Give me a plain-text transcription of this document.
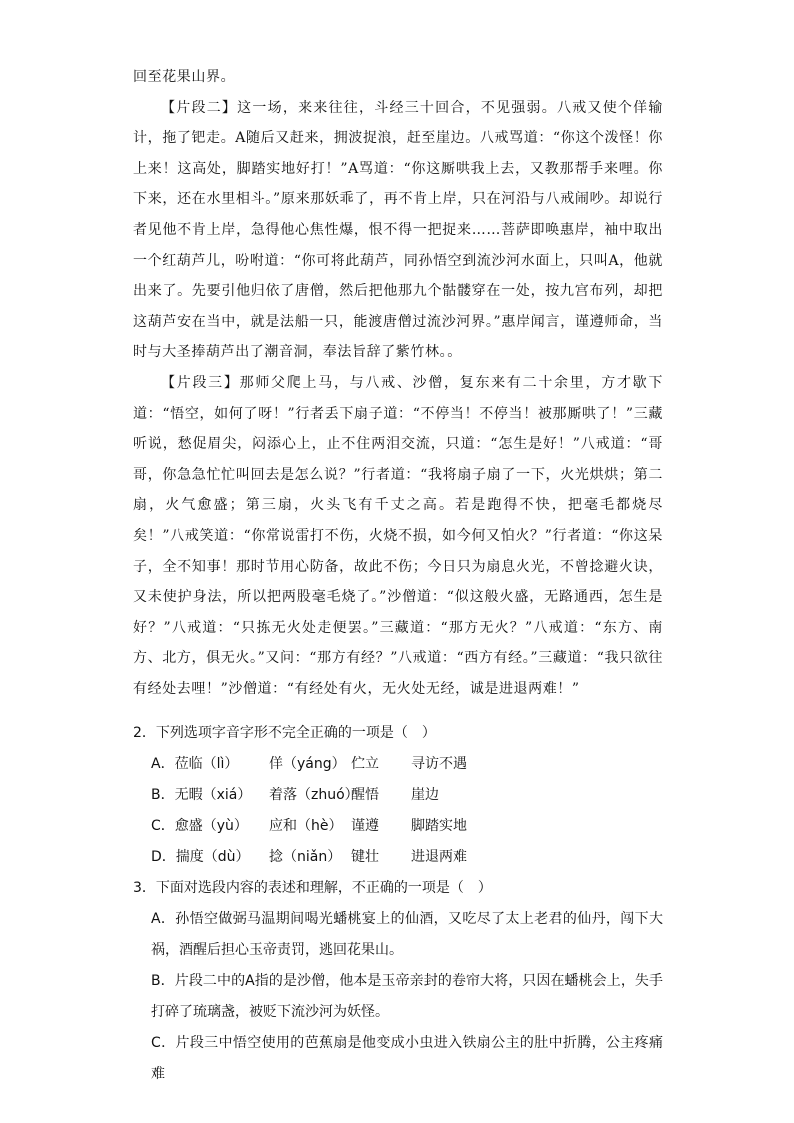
回至花果山界。

【片段二】这一场，来来往往，斗经三十回合，不见强弱。八戒又使个佯输计，拖了钯走。A随后又赶来，拥波捉浪，赶至崖边。八戒骂道：“你这个泼怪！你上来！这高处，脚踏实地好打！”A骂道：“你这厮哄我上去，又教那帮手来哩。你下来，还在水里相斗。”原来那妖乖了，再不肯上岸，只在河沿与八戒闹吵。却说行者见他不肯上岸，急得他心焦性爆，恨不得一把捉来……菩萨即唤惠岸，袖中取出一个红葫芦儿，吩咐道：“你可将此葫芦，同孙悟空到流沙河水面上，只叫A，他就出来了。先要引他归依了唐僧，然后把他那九个骷髅穿在一处，按九宫布列，却把这葫芦安在当中，就是法船一只，能渡唐僧过流沙河界。”惠岸闻言，谨遵师命，当时与大圣捧葫芦出了潮音洞，奉法旨辞了紫竹林。。

【片段三】那师父爬上马，与八戒、沙僧，复东来有二十余里，方才歇下道：“悟空，如何了呀！”行者丢下扇子道：“不停当！不停当！被那厮哄了！”三藏听说，愁促眉尖，闷添心上，止不住两泪交流，只道：“怎生是好！”八戒道：“哥哥，你急急忙忙叫回去是怎么说？”行者道：“我将扇子扇了一下，火光烘烘；第二扇，火气愈盛；第三扇，火头飞有千丈之高。若是跑得不快，把毫毛都烧尽矣！”八戒笑道：“你常说雷打不伤，火烧不损，如今何又怕火？”行者道：“你这呆子，全不知事！那时节用心防备，故此不伤；今日只为扇息火光，不曾捻避火诀，又未使护身法，所以把两股毫毛烧了。”沙僧道：“似这般火盛，无路通西，怎生是好？”八戒道：“只拣无火处走便罢。”三藏道：“那方无火？”八戒道：“东方、南方、北方，俱无火。”又问：“那方有经？”八戒道：“西方有经。”三藏道：“我只欲往有经处去哩！”沙僧道：“有经处有火，无火处无经，诚是进退两难！”

2．下列选项字音字形不完全正确的一项是（　）

A．莅临（lì） 佯（yáng） 伫立 寻访不遇

B．无暇（xiá） 着落（zhuó）醒悟 崖边

C．愈盛（yù） 应和（hè） 谨遵 脚踏实地

D．揣度（dù） 捻（niǎn） 键壮 进退两难

3．下面对选段内容的表述和理解，不正确的一项是（　）

A．孙悟空做弼马温期间喝光蟠桃宴上的仙酒，又吃尽了太上老君的仙丹，闯下大祸，酒醒后担心玉帝责罚，逃回花果山。

B．片段二中的A指的是沙僧，他本是玉帝亲封的卷帘大将，只因在蟠桃会上，失手打碎了琉璃盏，被贬下流沙河为妖怪。

C．片段三中悟空使用的芭蕉扇是他变成小虫进入铁扇公主的肚中折腾，公主疼痛难
